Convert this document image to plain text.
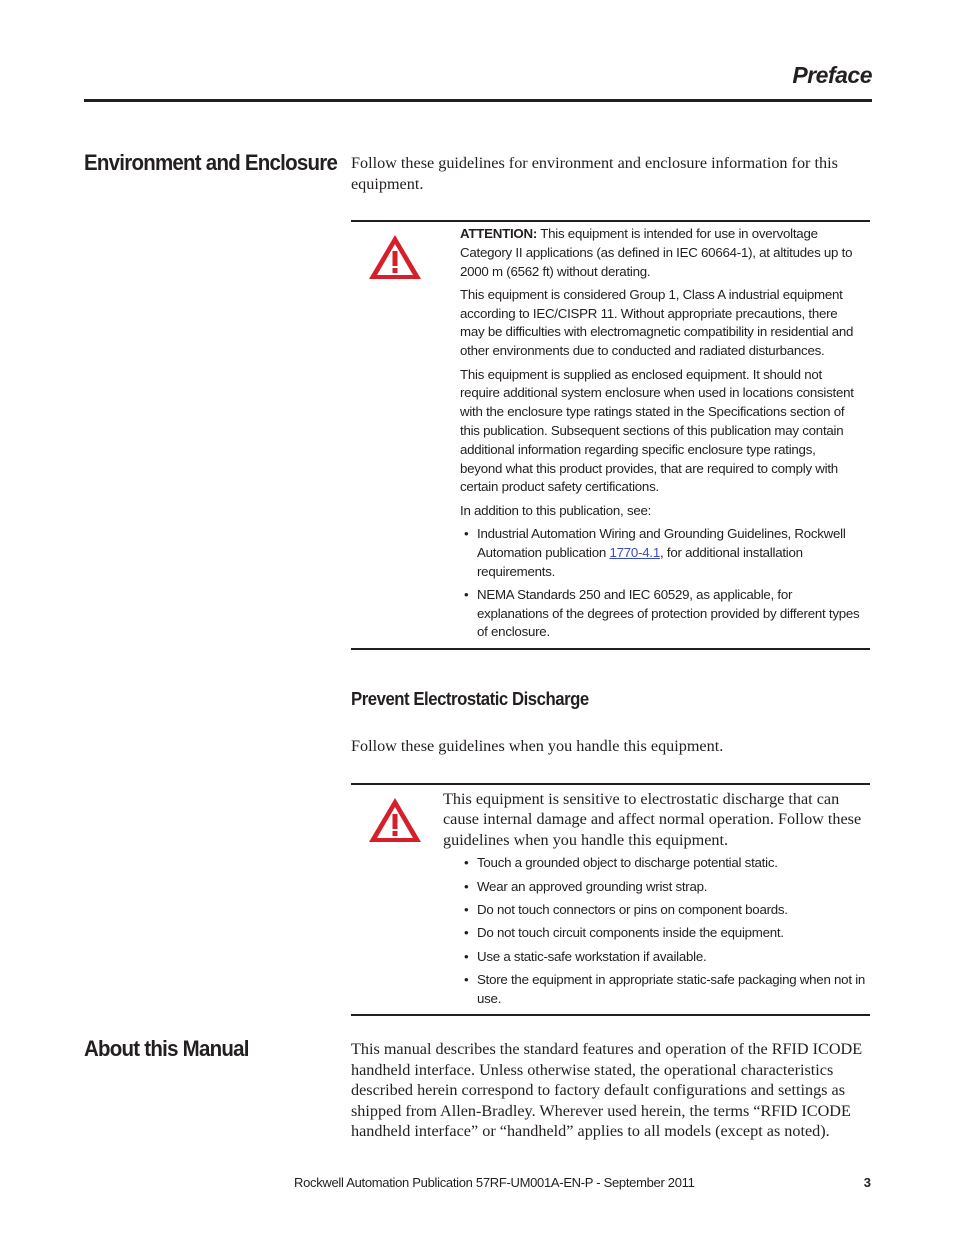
Preface
Environment and Enclosure Follow these guidelines for environment and enclosure information for this equipment.

ATTENTION: This equipment is intended for use in overvoltage Category II applications (as defined in IEC 60664-1), at altitudes up to 2000 m (6562 ft) without derating.

This equipment is considered Group 1, Class A industrial equipment according to IEC/CISPR 11. Without appropriate precautions, there may be difficulties with electromagnetic compatibility in residential and other environments due to conducted and radiated disturbances.

This equipment is supplied as enclosed equipment. It should not require additional system enclosure when used in locations consistent with the enclosure type ratings stated in the Specifications section of this publication. Subsequent sections of this publication may contain additional information regarding specific enclosure type ratings, beyond what this product provides, that are required to comply with certain product safety certifications.

In addition to this publication, see:

• Industrial Automation Wiring and Grounding Guidelines, Rockwell Automation publication 1770-4.1, for additional installation requirements.
• NEMA Standards 250 and IEC 60529, as applicable, for explanations of the degrees of protection provided by different types of enclosure.
Prevent Electrostatic Discharge

Follow these guidelines when you handle this equipment.

This equipment is sensitive to electrostatic discharge that can cause internal damage and affect normal operation. Follow these guidelines when you handle this equipment.

• Touch a grounded object to discharge potential static.
• Wear an approved grounding wrist strap.
• Do not touch connectors or pins on component boards.
• Do not touch circuit components inside the equipment.
• Use a static-safe workstation if available.
• Store the equipment in appropriate static-safe packaging when not in use.
About this Manual	This manual describes the standard features and operation of the RFID ICODE handheld interface. Unless otherwise stated, the operational characteristics described herein correspond to factory default configurations and settings as shipped from Allen-Bradley. Wherever used herein, the terms “RFID ICODE handheld interface” or “handheld” applies to all models (except as noted).

Rockwell Automation Publication 57RF-UM001A-EN-P - September 2011	3
